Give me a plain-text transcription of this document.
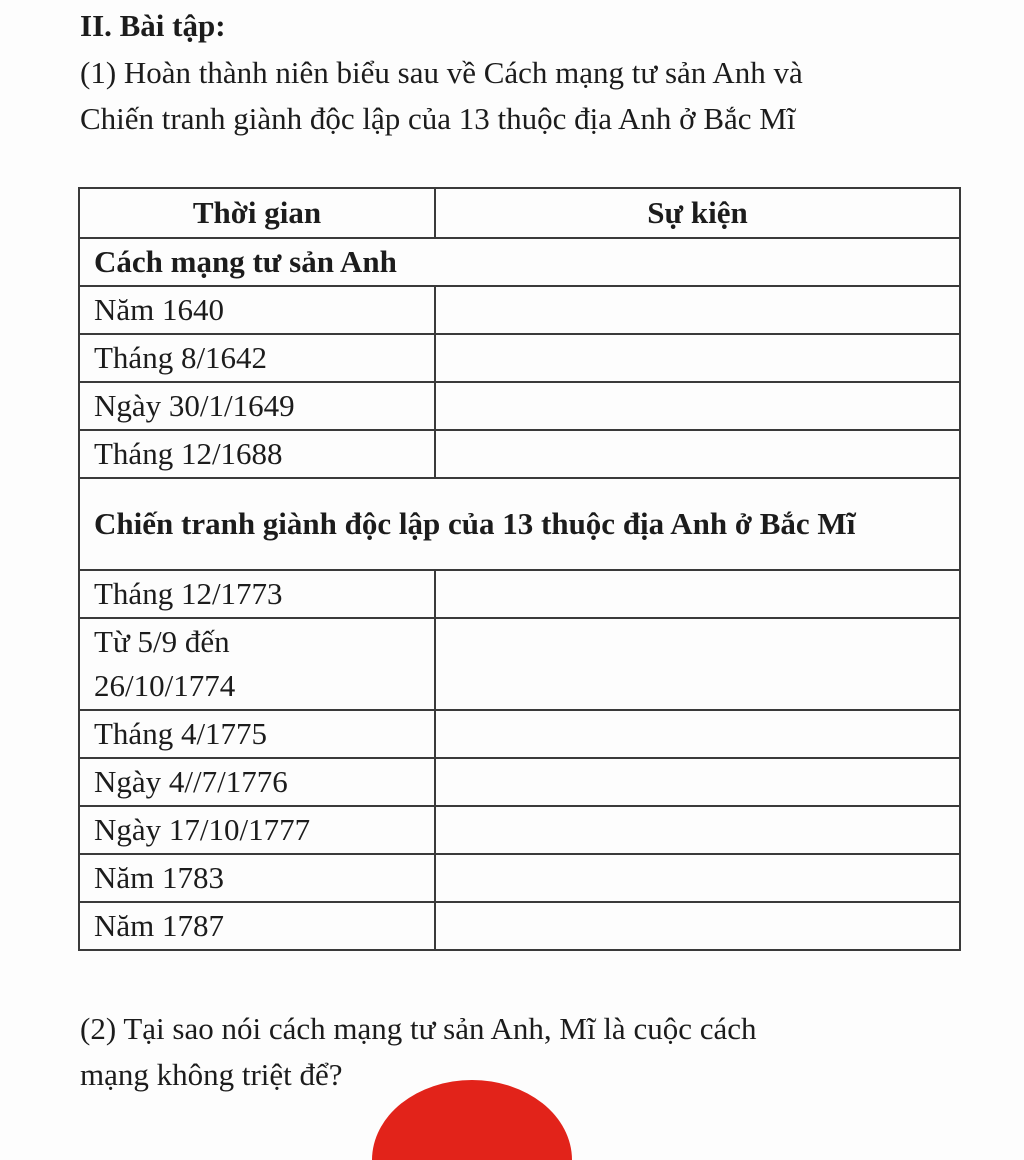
II. Bài tập:

(1) Hoàn thành niên biểu sau về Cách mạng tư sản Anh và
Chiến tranh giành độc lập của 13 thuộc địa Anh ở Bắc Mĩ

Thời gian	Sự kiện
Cách mạng tư sản Anh	
Năm 1640	
Tháng 8/1642	
Ngày 30/1/1649	
Tháng 12/1688	
Chiến tranh giành độc lập của 13 thuộc địa Anh ở Bắc Mĩ	
Tháng 12/1773	
Từ 5/9 đến 26/10/1774	
Tháng 4/1775	
Ngày 4//7/1776	
Ngày 17/10/1777	
Năm 1783	
Năm 1787	

(2) Tại sao nói cách mạng tư sản Anh, Mĩ là cuộc cách
mạng không triệt để?
